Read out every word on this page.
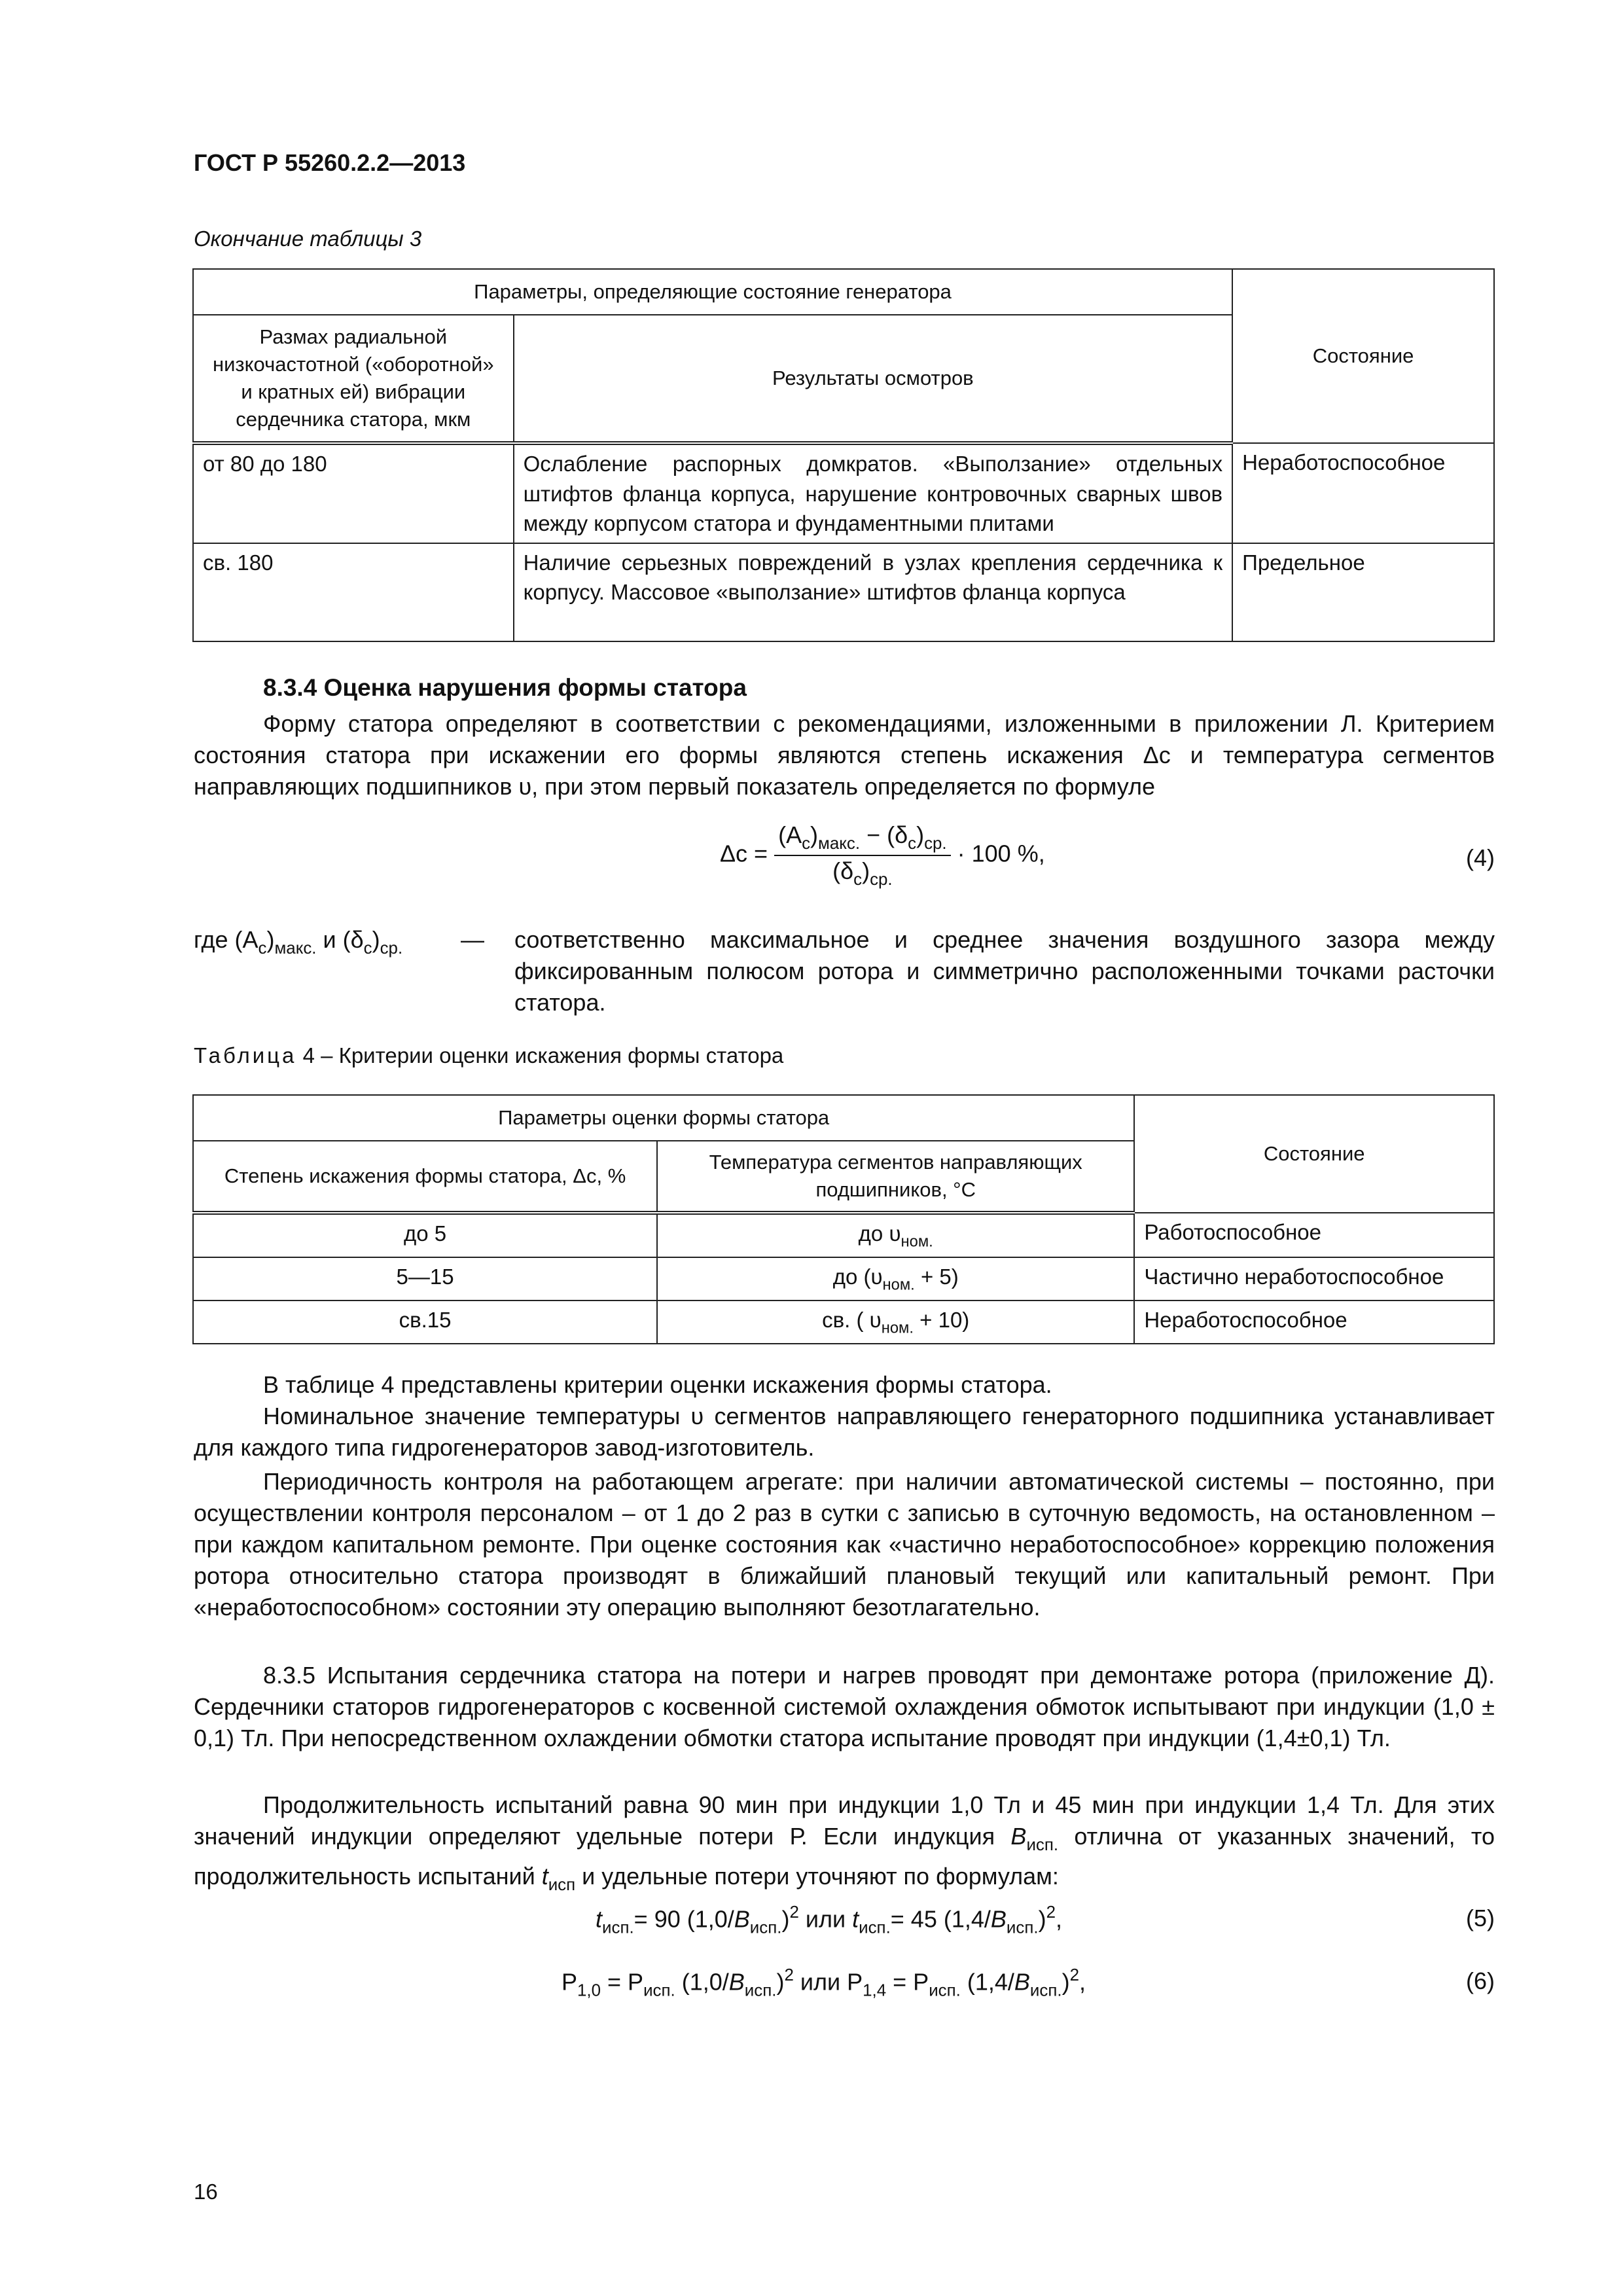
ГОСТ Р 55260.2.2—2013
Окончание таблицы 3
Параметры, определяющие состояние генератора		Состояние
Размах радиальной низкочастотной («оборотной» и кратных ей) вибрации сердечника статора, мкм	Результаты осмотров	
от 80 до 180	Ослабление распорных домкратов. «Выползание» отдельных штифтов фланца корпуса, нарушение контровочных сварных швов между корпусом статора и фундаментными плитами	Неработоспособное
св. 180	Наличие серьезных повреждений в узлах крепления сердечника к корпусу. Массовое «выползание» штифтов фланца корпуса	Предельное
8.3.4 Оценка нарушения формы статора
Форму статора определяют в соответствии с рекомендациями, изложенными в приложении Л. Критерием состояния статора при искажении его формы являются степень искажения Δс и температура сегментов направляющих подшипников υ, при этом первый показатель определяется по формуле
$\Delta с = \frac{(А_с)_{макс.} - (\delta_с)_{ср.}}{(\delta_с)_{ср.}} \cdot 100$ %,	(4)
где $(А_с)_{макс.}$ и $(\delta_с)_{ср.}$ — соответственно максимальное и среднее значения воздушного зазора между фиксированным полюсом ротора и симметрично расположенными точками расточки статора.
Таблица 4 – Критерии оценки искажения формы статора
Параметры оценки формы статора		Состояние
Степень искажения формы статора, Δc, %	Температура сегментов направляющих подшипников, °С	
до 5	до $\upsilon_{ном.}$	Работоспособное
5—15	до $(\upsilon_{ном.} + 5)$	Частично неработоспособное
св.15	св. ( $\upsilon_{ном.} + 10$)	Неработоспособное
В таблице 4 представлены критерии оценки искажения формы статора.
Номинальное значение температуры υ сегментов направляющего генераторного подшипника устанавливает для каждого типа гидрогенераторов завод-изготовитель.
Периодичность контроля на работающем агрегате: при наличии автоматической системы – постоянно, при осуществлении контроля персоналом – от 1 до 2 раз в сутки с записью в суточную ведомость, на остановленном – при каждом капитальном ремонте. При оценке состояния как «частично неработоспособное» коррекцию положения ротора относительно статора производят в ближайший плановый текущий или капитальный ремонт. При «неработоспособном» состоянии эту операцию выполняют безотлагательно.
8.3.5 Испытания сердечника статора на потери и нагрев проводят при демонтаже ротора (приложение Д). Сердечники статоров гидрогенераторов с косвенной системой охлаждения обмоток испытывают при индукции (1,0 ± 0,1) Тл. При непосредственном охлаждении обмотки статора испытание проводят при индукции (1,4±0,1) Тл.
Продолжительность испытаний равна 90 мин при индукции 1,0 Тл и 45 мин при индукции 1,4 Тл. Для этих значений индукции определяют удельные потери Р. Если индукция $B_{исп.}$ отлична от указанных значений, то продолжительность испытаний $t_{исп}$ и удельные потери уточняют по формулам:
$t_{исп.}= 90$ $(1,0/B_{исп.})^2$ или $t_{исп.}= 45$ $(1,4/B_{исп.})^2$,	(5)
$Р_{1,0} = Р_{исп.}$ $(1,0/B_{исп.})^2$ или $Р_{1,4} = Р_{исп.}$ $(1,4/B_{исп.})^2$,	(6)
16
